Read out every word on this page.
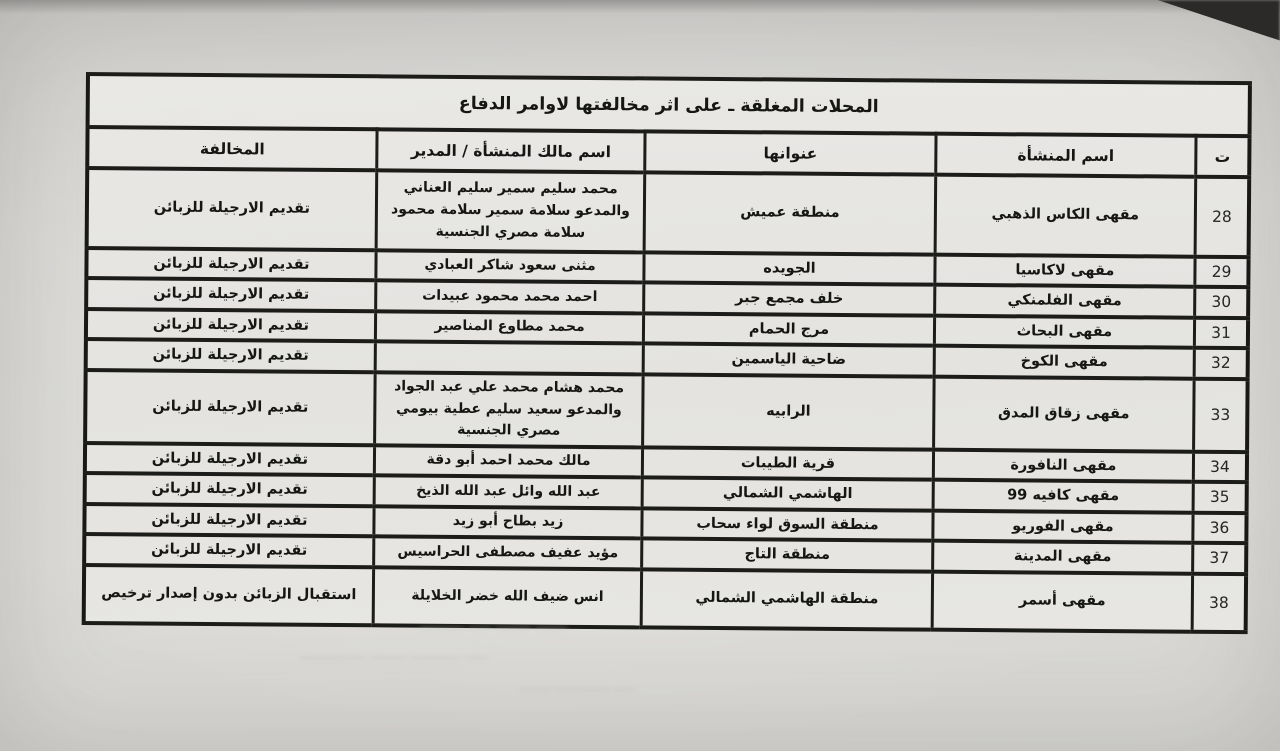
المحلات المغلقة ـ على اثر مخالفتها لاوامر الدفاع				
ت	اسم المنشأة	عنوانها	اسم مالك المنشأة / المدير	المخالفة
28	مقهى الكاس الذهبي	منطقة عميش	محمد سليم سمير سليم العناني والمدعو سلامة سمير سلامة محمود سلامة مصري الجنسية	تقديم الارجيلة للزبائن
29	مقهى لاكاسيا	الجويده	مثنى سعود شاكر العبادي	تقديم الارجيلة للزبائن
30	مقهى الفلمنكي	خلف مجمع جبر	احمد محمد محمود عبيدات	تقديم الارجيلة للزبائن
31	مقهى البحاث	مرج الحمام	محمد مطاوع المناصير	تقديم الارجيلة للزبائن
32	مقهى الكوخ	ضاحية الياسمين		تقديم الارجيلة للزبائن
33	مقهى زقاق المدق	الرابيه	محمد هشام محمد علي عبد الجواد والمدعو سعيد سليم عطية بيومي مصري الجنسية	تقديم الارجيلة للزبائن
34	مقهى النافورة	قرية الطيبات	مالك محمد احمد أبو دقة	تقديم الارجيلة للزبائن
35	مقهى كافيه 99	الهاشمي الشمالي	عبد الله وائل عبد الله الذيخ	تقديم الارجيلة للزبائن
36	مقهى الفوريو	منطقة السوق لواء سحاب	زيد بطاح أبو زيد	تقديم الارجيلة للزبائن
37	مقهى المدينة	منطقة التاج	مؤيد عفيف مصطفى الحراسيس	تقديم الارجيلة للزبائن
38	مقهى أسمر	منطقة الهاشمي الشمالي	انس ضيف الله خضر الخلايلة	استقبال الزبائن بدون إصدار ترخيص
ــــــــــ ـــــ ــــــــ ـــــــ
ـــــــــــــــ ــــــــ ـــــــــــ ـــــ
ـــــــ ــــــــــــ ـــــ
